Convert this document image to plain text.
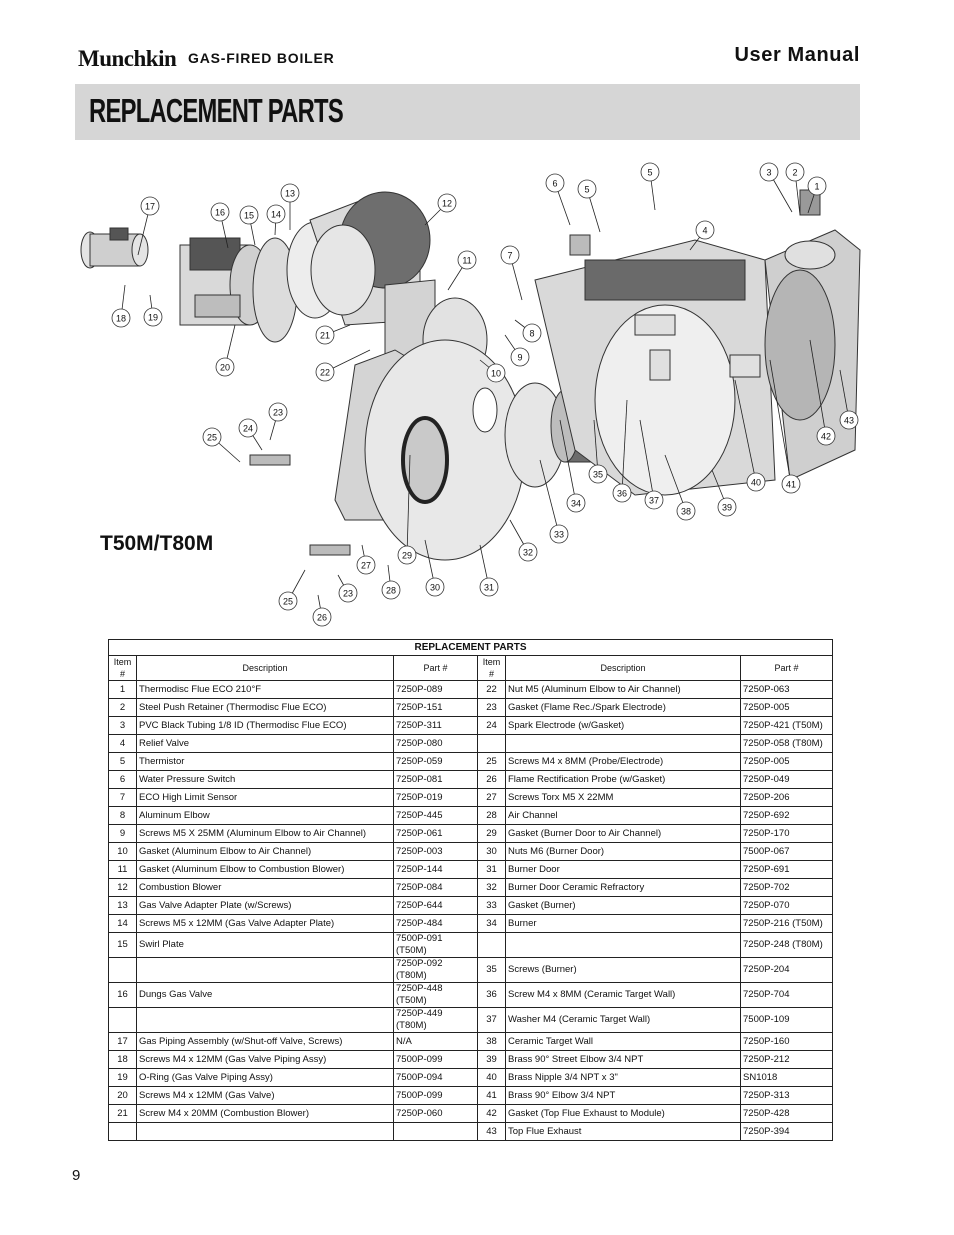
Munchkin GAS-FIRED BOILER	User Manual
REPLACEMENT PARTS
T50M/T80M
1
2
3
4
5
5
6
7
8
9
10
11
12
13
14
15
16
17
18 19
20
21
22
23
23
24
25
25
26
27
28
29
30	31
32
33
34
35
36
37
38	39
40	41
42
43
REPLACEMENT PARTS					
Item #	Description	Part #	Item #	Description	Part #
1	Thermodisc Flue ECO 210°F	7250P-089	22	Nut M5 (Aluminum Elbow to Air Channel)	7250P-063
2	Steel Push Retainer (Thermodisc Flue ECO)	7250P-151	23	Gasket (Flame Rec./Spark Electrode)	7250P-005
3	PVC Black Tubing 1/8 ID (Thermodisc Flue ECO)	7250P-311	24	Spark Electrode (w/Gasket)	7250P-421 (T50M)
4	Relief Valve	7250P-080			7250P-058 (T80M)
5	Thermistor	7250P-059	25	Screws M4 x 8MM (Probe/Electrode)	7250P-005
6	Water Pressure Switch	7250P-081	26	Flame Rectification Probe (w/Gasket)	7250P-049
7	ECO High Limit Sensor	7250P-019	27	Screws Torx M5 X 22MM	7250P-206
8	Aluminum Elbow	7250P-445	28	Air Channel	7250P-692
9	Screws M5 X 25MM (Aluminum Elbow to Air Channel)	7250P-061	29	Gasket (Burner Door to Air Channel)	7250P-170
10	Gasket (Aluminum Elbow to Air Channel)	7250P-003	30	Nuts M6 (Burner Door)	7500P-067
11	Gasket (Aluminum Elbow to Combustion Blower)	7250P-144	31	Burner Door	7250P-691
12	Combustion Blower	7250P-084	32	Burner Door Ceramic Refractory	7250P-702
13	Gas Valve Adapter Plate (w/Screws)	7250P-644	33	Gasket (Burner)	7250P-070
14	Screws M5 x 12MM (Gas Valve Adapter Plate)	7250P-484	34	Burner	7250P-216 (T50M)
15	Swirl Plate	7500P-091 (T50M)			7250P-248 (T80M)
		7250P-092 (T80M)	35	Screws (Burner)	7250P-204
16	Dungs Gas Valve	7250P-448 (T50M)	36	Screw M4 x 8MM (Ceramic Target Wall)	7250P-704
		7250P-449 (T80M)	37	Washer M4 (Ceramic Target Wall)	7500P-109
17	Gas Piping Assembly (w/Shut-off Valve, Screws)	N/A	38	Ceramic Target Wall	7250P-160
18	Screws M4 x 12MM (Gas Valve Piping Assy)	7500P-099	39	Brass 90° Street Elbow 3/4 NPT	7250P-212
19	O-Ring (Gas Valve Piping Assy)	7500P-094	40	Brass Nipple 3/4 NPT x 3"	SN1018
20	Screws M4 x 12MM (Gas Valve)	7500P-099	41	Brass 90° Elbow 3/4 NPT	7250P-313
21	Screw M4 x 20MM (Combustion Blower)	7250P-060	42	Gasket (Top Flue Exhaust to Module)	7250P-428
			43	Top Flue Exhaust	7250P-394
9
